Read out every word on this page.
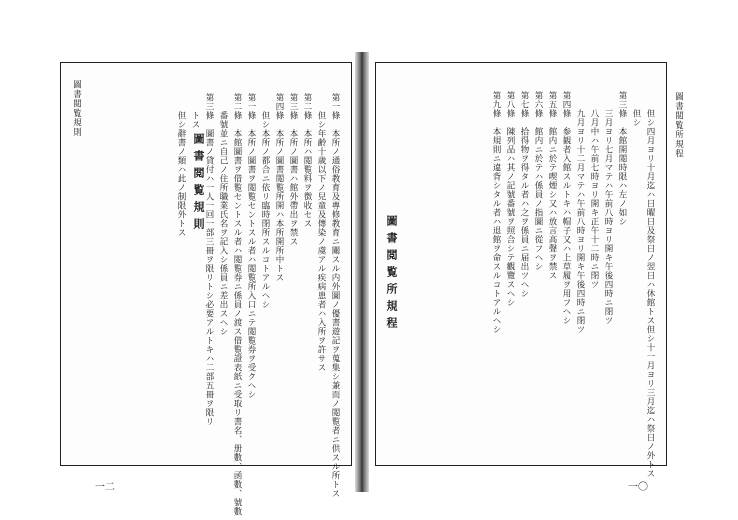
圖書閲覧規則	第一條　本所ノ通俗教育及專修教育ニ關スル内外圖ノ優書遊記ヲ蒐集シ兼而ノ閲覧者ニ供スル所トス
　　但シ年齢十歳以下ノ兒童及傳染ノ虞アル疾病患者ハ入所ヲ許サス
第二條　本所ハ閲覧料ヲ徴收セス
第三條　本所ノ圖書ハ館外帶出ヲ禁ス
第四條　本所ノ圖書閲覧所開ハ本所開所中トス
　　但シ本所ノ都合ニ依リ臨時閉所スルコトアルヘシ
第一條　本所ノ圖書ヲ閲覧セントスル者ハ閲覧所入口ニテ閲覧券ヲ受クヘシ
第二條　本館圖書ヲ借覧セントスル者ハ閲覧券ニ係員ノ渡ス借覧證表紙ニ受取リ書名、册數、函數、號數
　　番號並ニ自己ノ住所職業氏名ヲ記入シ係員ニ差出スヘシ
第三條　圖書ノ貸付ハ一人一回一部三冊ヲ限リトシ必要アルトキハ二部五冊ヲ限リ
　　トス
　　但シ辭書ノ類ハ此ノ制限外トス
圖書閲覧規則
一二
圖書閲覧所規程	　　但シ四月ヨリ十月迄ハ日曜日及祭日ノ翌日ハ休館トス但シ十一月ヨリ三月迄ハ祭日ノ外トス
　　但シ
第三條　本館開閲時限ハ左ノ如シ
　　三月ヨリ七月マテハ午前八時ヨリ開キ午後四時ニ閉ツ
　　八月中ハ午前七時ヨリ開キ正午十二時ニ閉ツ
　　九月ヨリ十二月マテハ午前八時ヨリ開キ午後四時ニ閉ツ
第四條　参観者入館スルトキハ帽子又ハ上草履ヲ用フヘシ
第五條　館内ニ於テ喫煙シ又ハ放言高聲ヲ禁ス
第六條　館内ニ於テハ係員ノ指圖ニ從フヘシ
第七條　拾得物ヲ得タル者ハ之ヲ係員ニ届出ツヘシ
第八條　陳列品ハ其ノ記號番號ヲ照合シテ觀覽スヘシ
第九條　本規則ニ違背シタル者ハ退館ヲ命スルコトアルヘシ	圖書閲覧所規程
一〇
